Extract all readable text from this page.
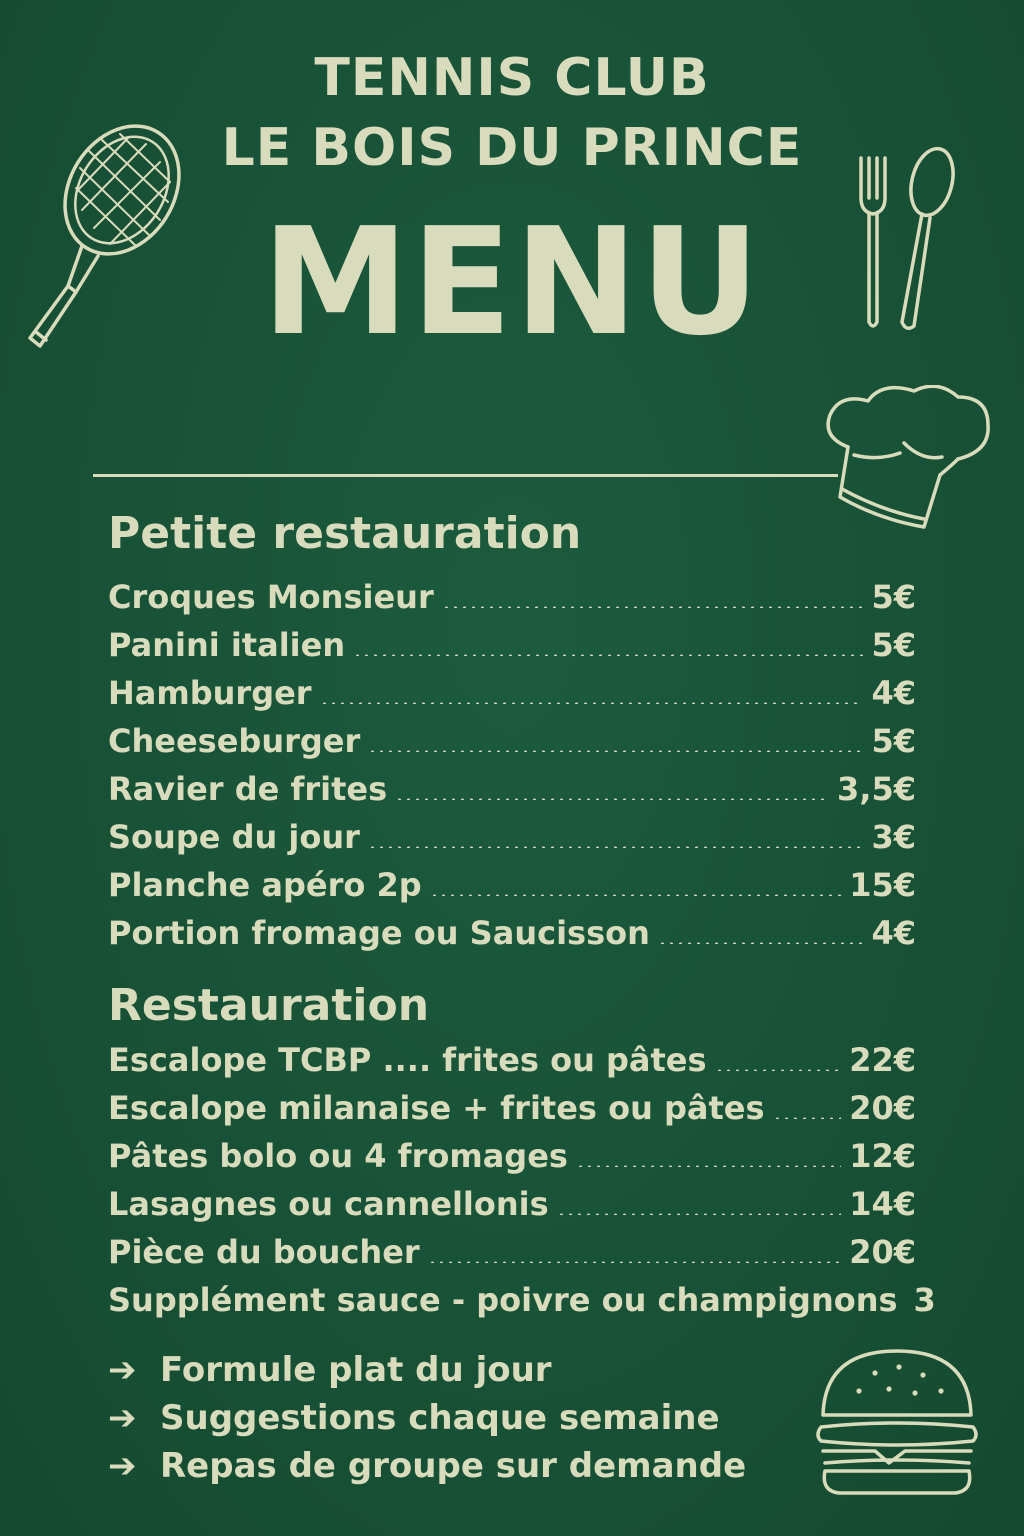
TENNIS CLUB
LE BOIS DU PRINCE
MENU
Petite restauration
Croques Monsieur	5€
Panini italien	5€
Hamburger	4€
Cheeseburger	5€
Ravier de frites	3,5€
Soupe du jour	3€
Planche apéro 2p	15€
Portion fromage ou Saucisson	4€
Restauration
Escalope TCBP .... frites ou pâtes	22€
Escalope milanaise + frites ou pâtes	20€
Pâtes bolo ou 4 fromages	12€
Lasagnes ou cannellonis	14€
Pièce du boucher	20€
Supplément sauce - poivre ou champignons 3
➔ Formule plat du jour
➔ Suggestions chaque semaine
➔ Repas de groupe sur demande
